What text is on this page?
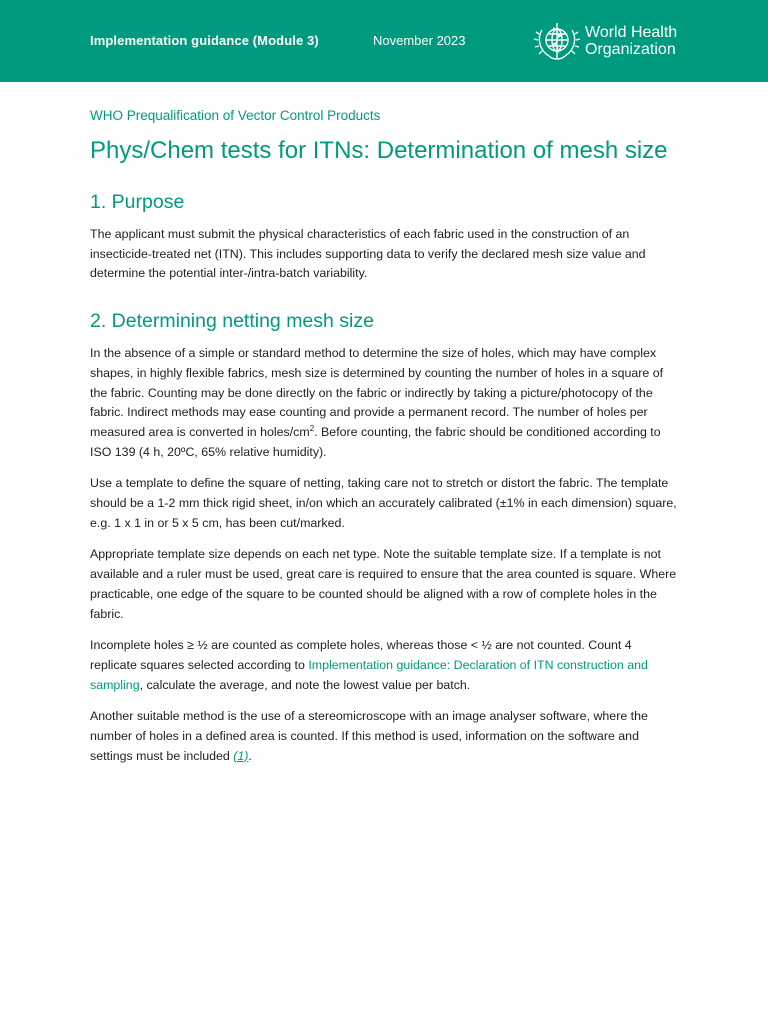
Implementation guidance (Module 3)	November 2023	World Health
Organization
WHO Prequalification of Vector Control Products
Phys/Chem tests for ITNs: Determination of mesh size
1. Purpose

The applicant must submit the physical characteristics of each fabric used in the construction of an insecticide-treated net (ITN). This includes supporting data to verify the declared mesh size value and determine the potential inter-/intra-batch variability.

2. Determining netting mesh size

In the absence of a simple or standard method to determine the size of holes, which may have complex shapes, in highly flexible fabrics, mesh size is determined by counting the number of holes in a square of the fabric. Counting may be done directly on the fabric or indirectly by taking a picture/photocopy of the fabric. Indirect methods may ease counting and provide a permanent record. The number of holes per measured area is converted in holes/$cm^2$. Before counting, the fabric should be conditioned according to ISO 139 (4 h, 20ºC, 65% relative humidity).

Use a template to define the square of netting, taking care not to stretch or distort the fabric. The template should be a 1-2 mm thick rigid sheet, in/on which an accurately calibrated (±1% in each dimension) square, e.g. 1 x 1 in or 5 x 5 cm, has been cut/marked.

Appropriate template size depends on each net type. Note the suitable template size. If a template is not available and a ruler must be used, great care is required to ensure that the area counted is square. Where practicable, one edge of the square to be counted should be aligned with a row of complete holes in the fabric.

Incomplete holes ≥ ½ are counted as complete holes, whereas those < ½ are not counted. Count 4 replicate squares selected according to Implementation guidance: Declaration of ITN construction and sampling, calculate the average, and note the lowest value per batch.

Another suitable method is the use of a stereomicroscope with an image analyser software, where the number of holes in a defined area is counted. If this method is used, information on the software and settings must be included (1).
